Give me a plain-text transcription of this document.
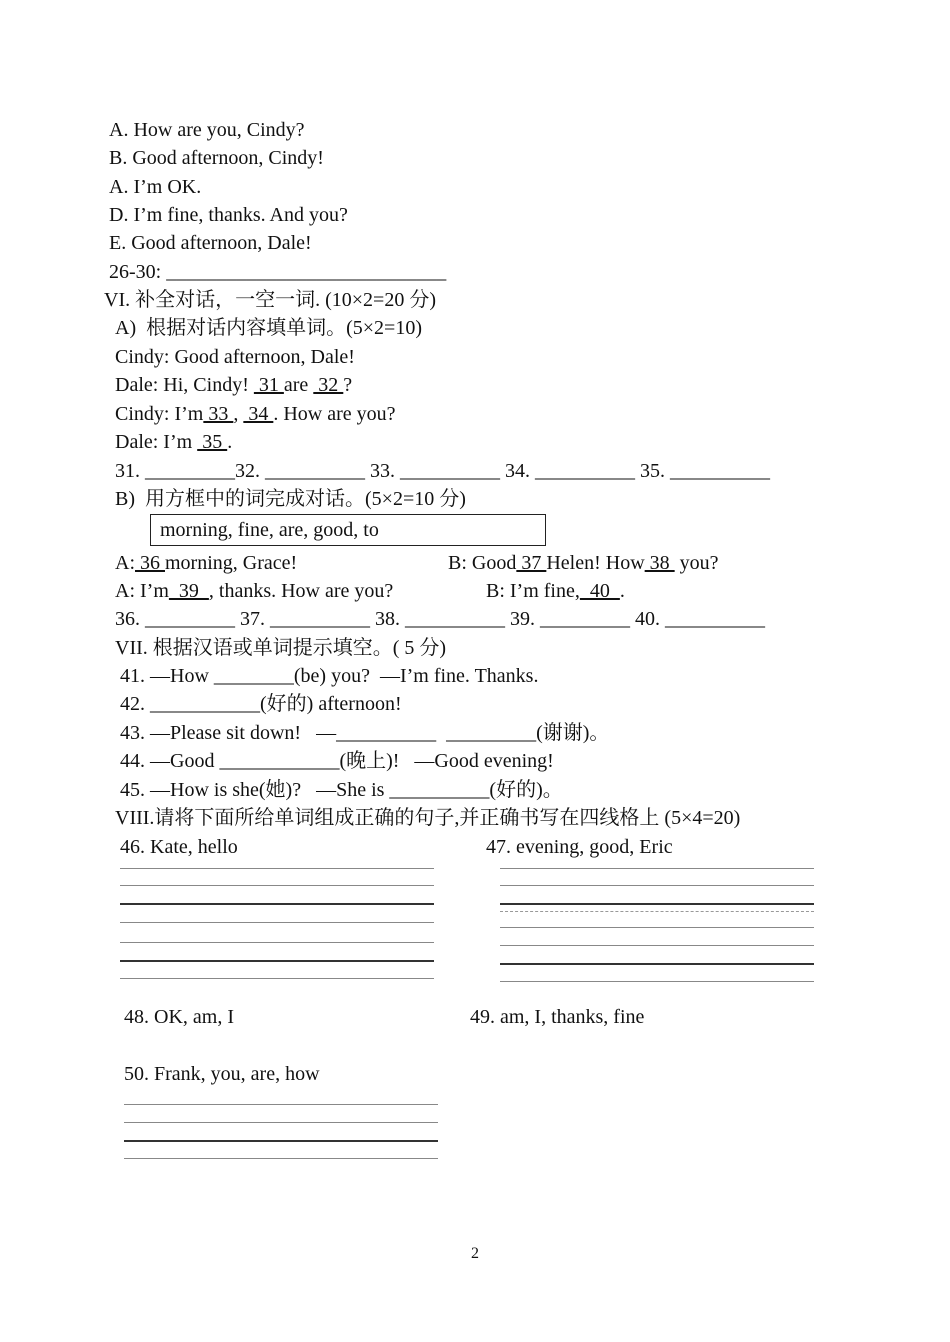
A. How are you, Cindy?
B. Good afternoon, Cindy!
A. I’m OK.
D. I’m fine, thanks. And you?
E. Good afternoon, Dale!
26-30: ____________________________
VI. 补全对话，一空一词. (10×2=20 分)
A)  根据对话内容填单词。(5×2=10)
Cindy: Good afternoon, Dale!
Dale: Hi, Cindy!  31 are  32 ?
Cindy: I’m 33 ,  34 . How are you?
Dale: I’m  35 .
31. _________32. __________ 33. __________ 34. __________ 35. __________
B)  用方框中的词完成对话。(5×2=10 分)
morning, fine, are, good, to
A: 36 morning, Grace!	B: Good 37 Helen! How 38  you?
A: I’m  39  , thanks. How are you?	B: I’m fine,  40  .
36. _________ 37. __________ 38. __________ 39. _________ 40. __________
VII. 根据汉语或单词提示填空。( 5 分)
41. —How ________(be) you?  —I’m fine. Thanks.
42. ___________(好的) afternoon!
43. —Please sit down!   —__________  _________(谢谢)。
44. —Good ____________(晚上)!   —Good evening!
45. —How is she(她)?   —She is __________(好的)。
VIII.请将下面所给单词组成正确的句子,并正确书写在四线格上 (5×4=20)
46. Kate, hello	47. evening, good, Eric
48. OK, am, I	49. am, I, thanks, fine
50. Frank, you, are, how
2
